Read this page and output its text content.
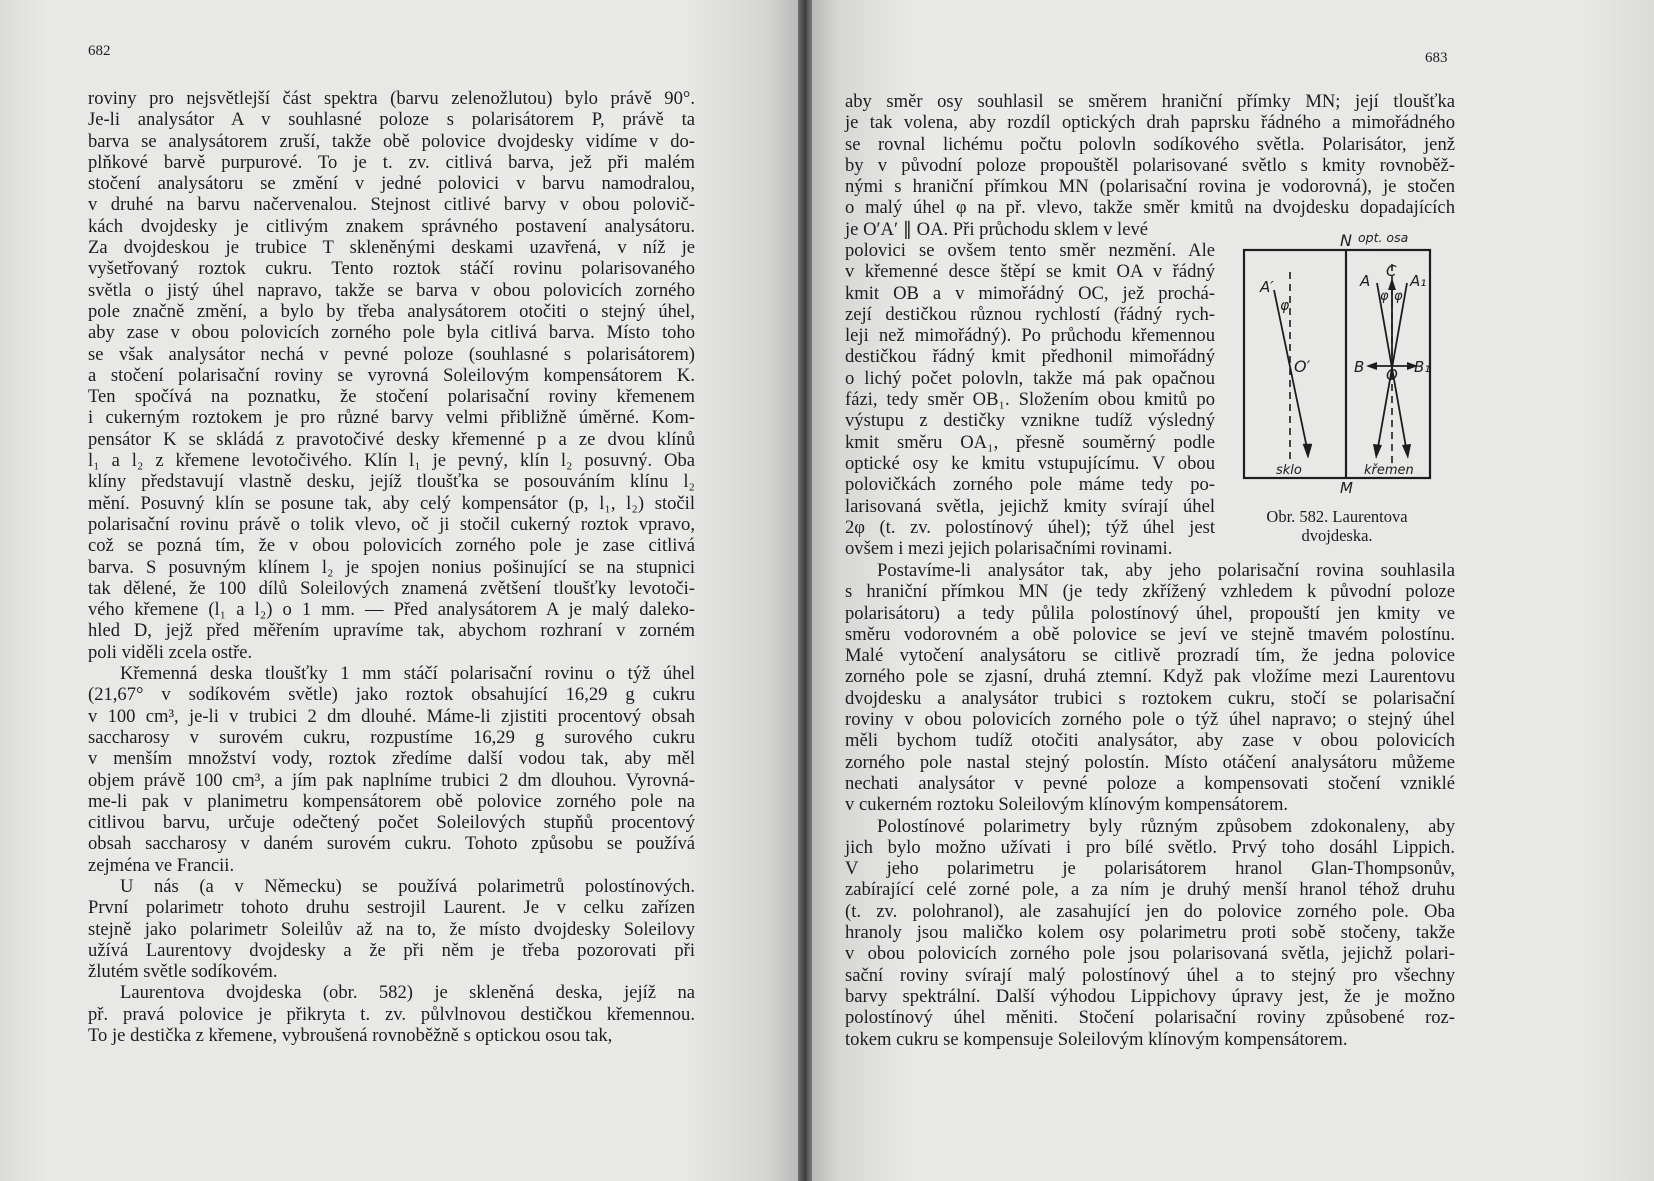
682
roviny pro nejsvětlejší část spektra (barvu zelenožlutou) bylo právě 90°.
Je-li analysátor A v souhlasné poloze s polarisátorem P, právě ta
barva se analysátorem zruší, takže obě polovice dvojdesky vidíme v do-
plňkové barvě purpurové. To je t. zv. citlivá barva, jež při malém
stočení analysátoru se změní v jedné polovici v barvu namodralou,
v druhé na barvu načervenalou. Stejnost citlivé barvy v obou polovič-
kách dvojdesky je citlivým znakem správného postavení analysátoru.
Za dvojdeskou je trubice T skleněnými deskami uzavřená, v níž je
vyšetřovaný roztok cukru. Tento roztok stáčí rovinu polarisovaného
světla o jistý úhel napravo, takže se barva v obou polovicích zorného
pole značně změní, a bylo by třeba analysátorem otočiti o stejný úhel,
aby zase v obou polovicích zorného pole byla citlivá barva. Místo toho
se však analysátor nechá v pevné poloze (souhlasné s polarisátorem)
a stočení polarisační roviny se vyrovná Soleilovým kompensátorem K.
Ten spočívá na poznatku, že stočení polarisační roviny křemenem
i cukerným roztokem je pro různé barvy velmi přibližně úměrné. Kom-
pensátor K se skládá z pravotočivé desky křemenné p a ze dvou klínů
l₁ a l₂ z křemene levotočivého. Klín l₁ je pevný, klín l₂ posuvný. Oba
klíny představují vlastně desku, jejíž tloušťka se posouváním klínu l₂
mění. Posuvný klín se posune tak, aby celý kompensátor (p, l₁, l₂) stočil
polarisační rovinu právě o tolik vlevo, oč ji stočil cukerný roztok vpravo,
což se pozná tím, že v obou polovicích zorného pole je zase citlivá
barva. S posuvným klínem l₂ je spojen nonius pošinující se na stupnici
tak dělené, že 100 dílů Soleilových znamená zvětšení tloušťky levotoči-
vého křemene (l₁ a l₂) o 1 mm. — Před analysátorem A je malý daleko-
hled D, jejž před měřením upravíme tak, abychom rozhraní v zorném
poli viděli zcela ostře.
Křemenná deska tloušťky 1 mm stáčí polarisační rovinu o týž úhel
(21,67° v sodíkovém světle) jako roztok obsahující 16,29 g cukru
v 100 cm³, je-li v trubici 2 dm dlouhé. Máme-li zjistiti procentový obsah
saccharosy v surovém cukru, rozpustíme 16,29 g surového cukru
v menším množství vody, roztok zředíme další vodou tak, aby měl
objem právě 100 cm³, a jím pak naplníme trubici 2 dm dlouhou. Vyrovná-
me-li pak v planimetru kompensátorem obě polovice zorného pole na
citlivou barvu, určuje odečtený počet Soleilových stupňů procentový
obsah saccharosy v daném surovém cukru. Tohoto způsobu se používá
zejména ve Francii.
U nás (a v Německu) se používá polarimetrů polostínových.
První polarimetr tohoto druhu sestrojil Laurent. Je v celku zařízen
stejně jako polarimetr Soleilův až na to, že místo dvojdesky Soleilovy
užívá Laurentovy dvojdesky a že při něm je třeba pozorovati při
žlutém světle sodíkovém.
Laurentova dvojdeska (obr. 582) je skleněná deska, jejíž na
př. pravá polovice je přikryta t. zv. půlvlnovou destičkou křemennou.
To je destička z křemene, vybroušená rovnoběžně s optickou osou tak,
683
aby směr osy souhlasil se směrem hraniční přímky MN; její tloušťka
je tak volena, aby rozdíl optických drah paprsku řádného a mimořádného
se rovnal lichému počtu polovln sodíkového světla. Polarisátor, jenž
by v původní poloze propouštěl polarisované světlo s kmity rovnoběž-
nými s hraniční přímkou MN (polarisační rovina je vodorovná), je stočen
o malý úhel φ na př. vlevo, takže směr kmitů na dvojdesku dopadajících
je O′A′ ∥ OA. Při průchodu sklem v levé
polovici se ovšem tento směr nezmění. Ale
v křemenné desce štěpí se kmit OA v řádný
kmit OB a v mimořádný OC, jež prochá-
zejí destičkou různou rychlostí (řádný rych-
leji než mimořádný). Po průchodu křemennou
destičkou řádný kmit předhonil mimořádný
o lichý počet polovln, takže má pak opačnou
fázi, tedy směr OB₁. Složením obou kmitů po
výstupu z destičky vznikne tudíž výsledný
kmit směru OA₁, přesně souměrný podle
optické osy ke kmitu vstupujícímu. V obou
polovičkách zorného pole máme tedy po-
larisovaná světla, jejichž kmity svírají úhel
2φ (t. zv. polostínový úhel); týž úhel jest
ovšem i mezi jejich polarisačními rovinami.
N opt. osa
A′
φ
O′
A
C
A₁
φ φ
B O B₁
sklo	křemen
M
Obr. 582. Laurentova
dvojdeska.
Postavíme-li analysátor tak, aby jeho polarisační rovina souhlasila
s hraniční přímkou MN (je tedy zkřížený vzhledem k původní poloze
polarisátoru) a tedy půlila polostínový úhel, propouští jen kmity ve
směru vodorovném a obě polovice se jeví ve stejně tmavém polostínu.
Malé vytočení analysátoru se citlivě prozradí tím, že jedna polovice
zorného pole se zjasní, druhá ztemní. Když pak vložíme mezi Laurentovu
dvojdesku a analysátor trubici s roztokem cukru, stočí se polarisační
roviny v obou polovicích zorného pole o týž úhel napravo; o stejný úhel
měli bychom tudíž otočiti analysátor, aby zase v obou polovicích
zorného pole nastal stejný polostín. Místo otáčení analysátoru můžeme
nechati analysátor v pevné poloze a kompensovati stočení vzniklé
v cukerném roztoku Soleilovým klínovým kompensátorem.
Polostínové polarimetry byly různým způsobem zdokonaleny, aby
jich bylo možno užívati i pro bílé světlo. Prvý toho dosáhl Lippich.
V jeho polarimetru je polarisátorem hranol Glan-Thompsonův,
zabírající celé zorné pole, a za ním je druhý menší hranol téhož druhu
(t. zv. polohranol), ale zasahující jen do polovice zorného pole. Oba
hranoly jsou maličko kolem osy polarimetru proti sobě stočeny, takže
v obou polovicích zorného pole jsou polarisovaná světla, jejichž polari-
sační roviny svírají malý polostínový úhel a to stejný pro všechny
barvy spektrální. Další výhodou Lippichovy úpravy jest, že je možno
polostínový úhel měniti. Stočení polarisační roviny způsobené roz-
tokem cukru se kompensuje Soleilovým klínovým kompensátorem.
